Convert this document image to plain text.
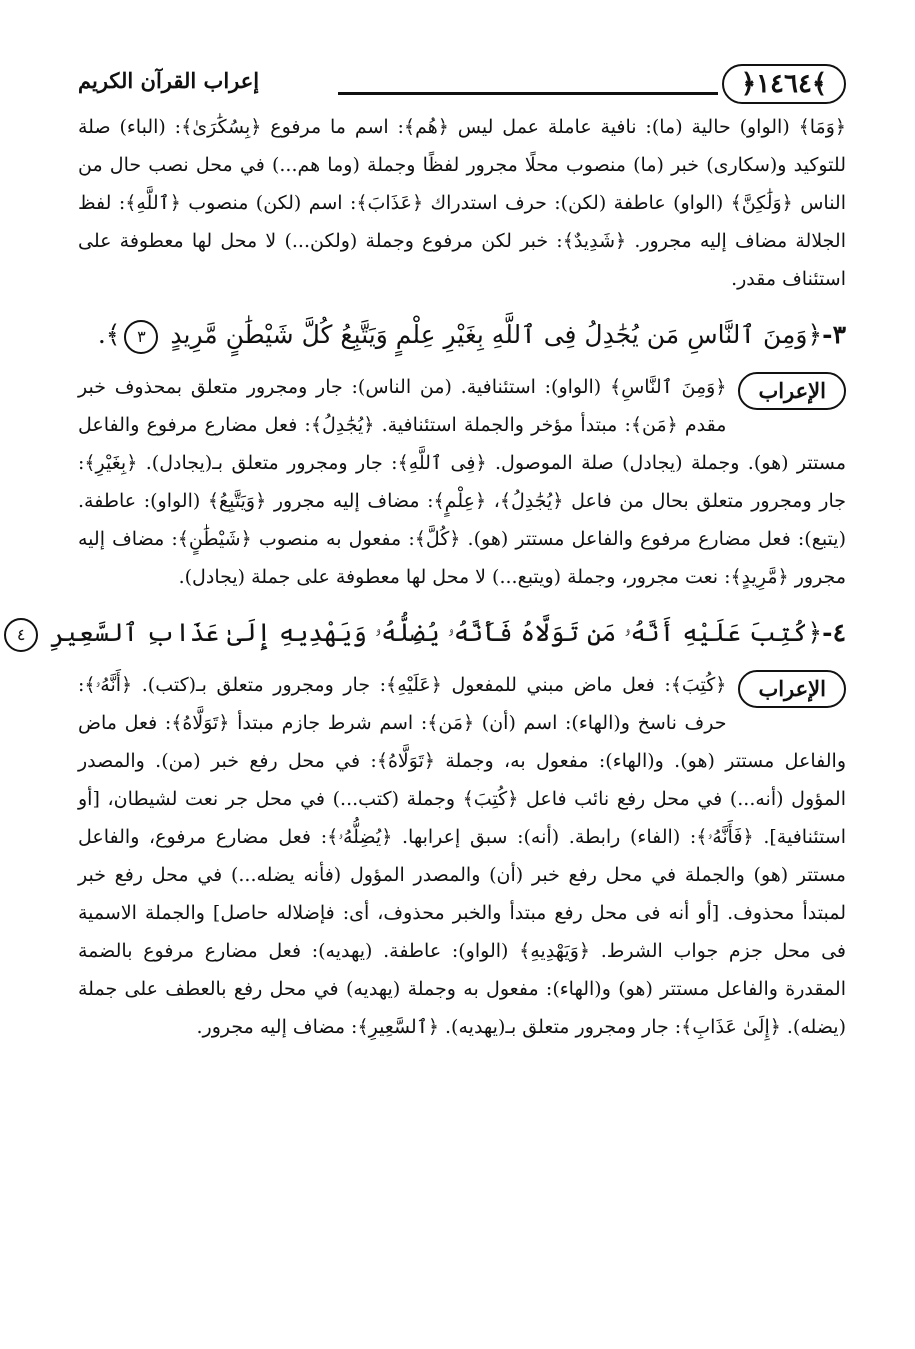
﴿١٤٦٤﴾
إعراب القرآن الكريم

﴿وَمَا﴾ (الواو) حالية (ما): نافية عاملة عمل ليس ﴿هُم﴾: اسم ما مرفوع ﴿بِسُكَٰرَىٰ﴾: (الباء) صلة للتوكيد و(سكارى) خبر (ما) منصوب محلًا مجرور لفظًا وجملة (وما هم...) في محل نصب حال من الناس ﴿وَلَٰكِنَّ﴾ (الواو) عاطفة (لكن): حرف استدراك ﴿عَذَابَ﴾: اسم (لكن) منصوب ﴿ٱللَّهِ﴾: لفظ الجلالة مضاف إليه مجرور. ﴿شَدِيدٌ﴾: خبر لكن مرفوع وجملة (ولكن...) لا محل لها معطوفة على استئناف مقدر.

٣-﴿وَمِنَ ٱلنَّاسِ مَن يُجَٰدِلُ فِى ٱللَّهِ بِغَيْرِ عِلْمٍ وَيَتَّبِعُ كُلَّ شَيْطَٰنٍ مَّرِيدٍ ٣﴾.
الإعراب

﴿وَمِنَ ٱلنَّاسِ﴾ (الواو): استئنافية. (من الناس): جار ومجرور متعلق بمحذوف خبر مقدم ﴿مَن﴾: مبتدأ مؤخر والجملة استئنافية. ﴿يُجَٰدِلُ﴾: فعل مضارع مرفوع والفاعل مستتر (هو). وجملة (يجادل) صلة الموصول. ﴿فِى ٱللَّهِ﴾: جار ومجرور متعلق بـ(يجادل). ﴿بِغَيْرِ﴾: جار ومجرور متعلق بحال من فاعل ﴿يُجَٰدِلُ﴾، ﴿عِلْمٍ﴾: مضاف إليه مجرور ﴿وَيَتَّبِعُ﴾ (الواو): عاطفة. (يتبع): فعل مضارع مرفوع والفاعل مستتر (هو). ﴿كُلَّ﴾: مفعول به منصوب ﴿شَيْطَٰنٍ﴾: مضاف إليه مجرور ﴿مَّرِيدٍ﴾: نعت مجرور، وجملة (ويتبع...) لا محل لها معطوفة على جملة (يجادل).

٤-﴿كُتِبَ عَلَيْهِ أَنَّهُۥ مَن تَوَلَّاهُ فَأَنَّهُۥ يُضِلُّهُۥ وَيَهْدِيهِ إِلَىٰ عَذَابِ ٱلسَّعِيرِ ٤
الإعراب

﴿كُتِبَ﴾: فعل ماض مبني للمفعول ﴿عَلَيْهِ﴾: جار ومجرور متعلق بـ(كتب). ﴿أَنَّهُۥ﴾: حرف ناسخ و(الهاء): اسم (أن) ﴿مَن﴾: اسم شرط جازم مبتدأ ﴿تَوَلَّاهُ﴾: فعل ماض والفاعل مستتر (هو). و(الهاء): مفعول به، وجملة ﴿تَوَلَّاهُ﴾: في محل رفع خبر (من). والمصدر المؤول (أنه...) في محل رفع نائب فاعل ﴿كُتِبَ﴾ وجملة (كتب...) في محل جر نعت لشيطان، [أو استئنافية]. ﴿فَأَنَّهُۥ﴾: (الفاء) رابطة. (أنه): سبق إعرابها. ﴿يُضِلُّهُۥ﴾: فعل مضارع مرفوع، والفاعل مستتر (هو) والجملة في محل رفع خبر (أن) والمصدر المؤول (فأنه يضله...) في محل رفع خبر لمبتدأ محذوف. [أو أنه فى محل رفع مبتدأ والخبر محذوف، أى: فإضلاله حاصل] والجملة الاسمية فى محل جزم جواب الشرط. ﴿وَيَهْدِيهِ﴾ (الواو): عاطفة. (يهديه): فعل مضارع مرفوع بالضمة المقدرة والفاعل مستتر (هو) و(الهاء): مفعول به وجملة (يهديه) في محل رفع بالعطف على جملة (يضله). ﴿إِلَىٰ عَذَابِ﴾: جار ومجرور متعلق بـ(يهديه). ﴿ٱلسَّعِيرِ﴾: مضاف إليه مجرور.
